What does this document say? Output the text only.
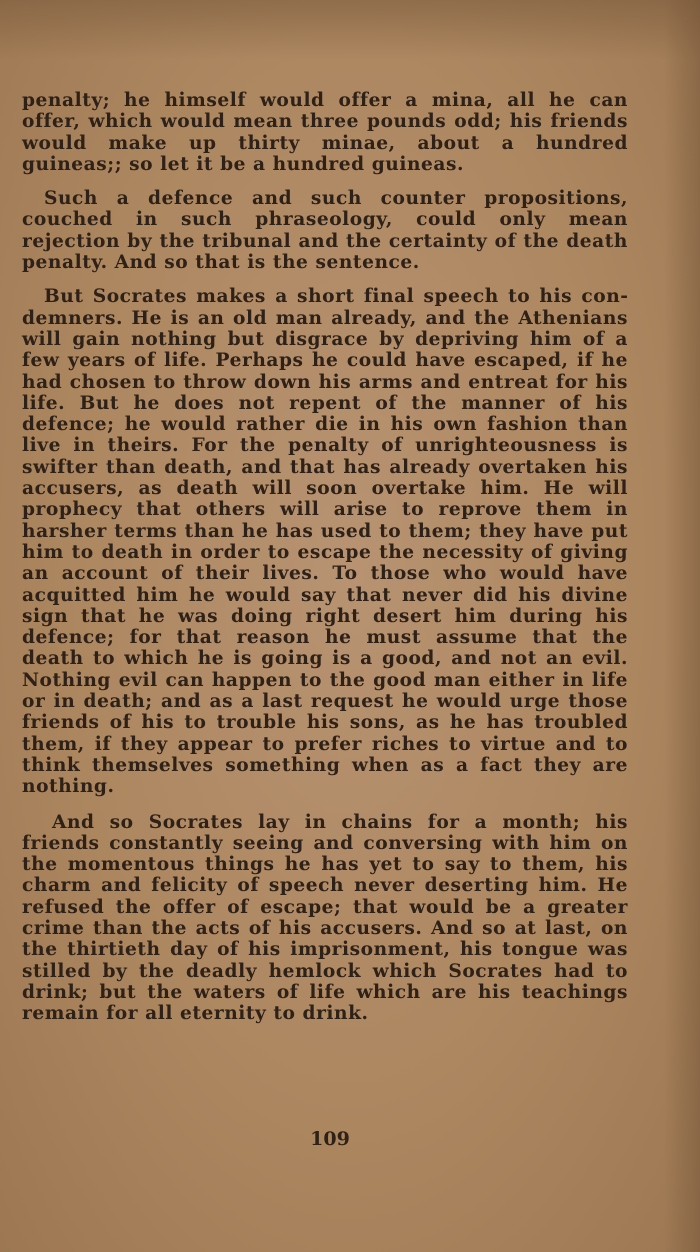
penalty; he himself would offer a mina, all he can offer, which would mean three pounds odd; his friends would make up thirty minae, about a hundred guineas;; so let it be a hundred guineas.

Such a defence and such counter propositions, couched in such phraseology, could only mean rejection by the tribunal and the certainty of the death penalty. And so that is the sentence.

But Socrates makes a short final speech to his condemners. He is an old man already, and the Athenians will gain nothing but disgrace by depriving him of a few years of life. Perhaps he could have escaped, if he had chosen to throw down his arms and entreat for his life. But he does not repent of the manner of his defence; he would rather die in his own fashion than live in theirs. For the penalty of unrighteousness is swifter than death, and that has already overtaken his accusers, as death will soon overtake him. He will prophecy that others will arise to reprove them in harsher terms than he has used to them; they have put him to death in order to escape the necessity of giving an account of their lives. To those who would have acquitted him he would say that never did his divine sign that he was doing right desert him during his defence; for that reason he must assume that the death to which he is going is a good, and not an evil. Nothing evil can happen to the good man either in life or in death; and as a last request he would urge those friends of his to trouble his sons, as he has troubled them, if they appear to prefer riches to virtue and to think themselves something when as a fact they are nothing.

And so Socrates lay in chains for a month; his friends constantly seeing and conversing with him on the momentous things he has yet to say to them, his charm and felicity of speech never deserting him. He refused the offer of escape; that would be a greater crime than the acts of his accusers. And so at last, on the thirtieth day of his imprisonment, his tongue was stilled by the deadly hemlock which Socrates had to drink; but the waters of life which are his teachings remain for all eternity to drink.

109
